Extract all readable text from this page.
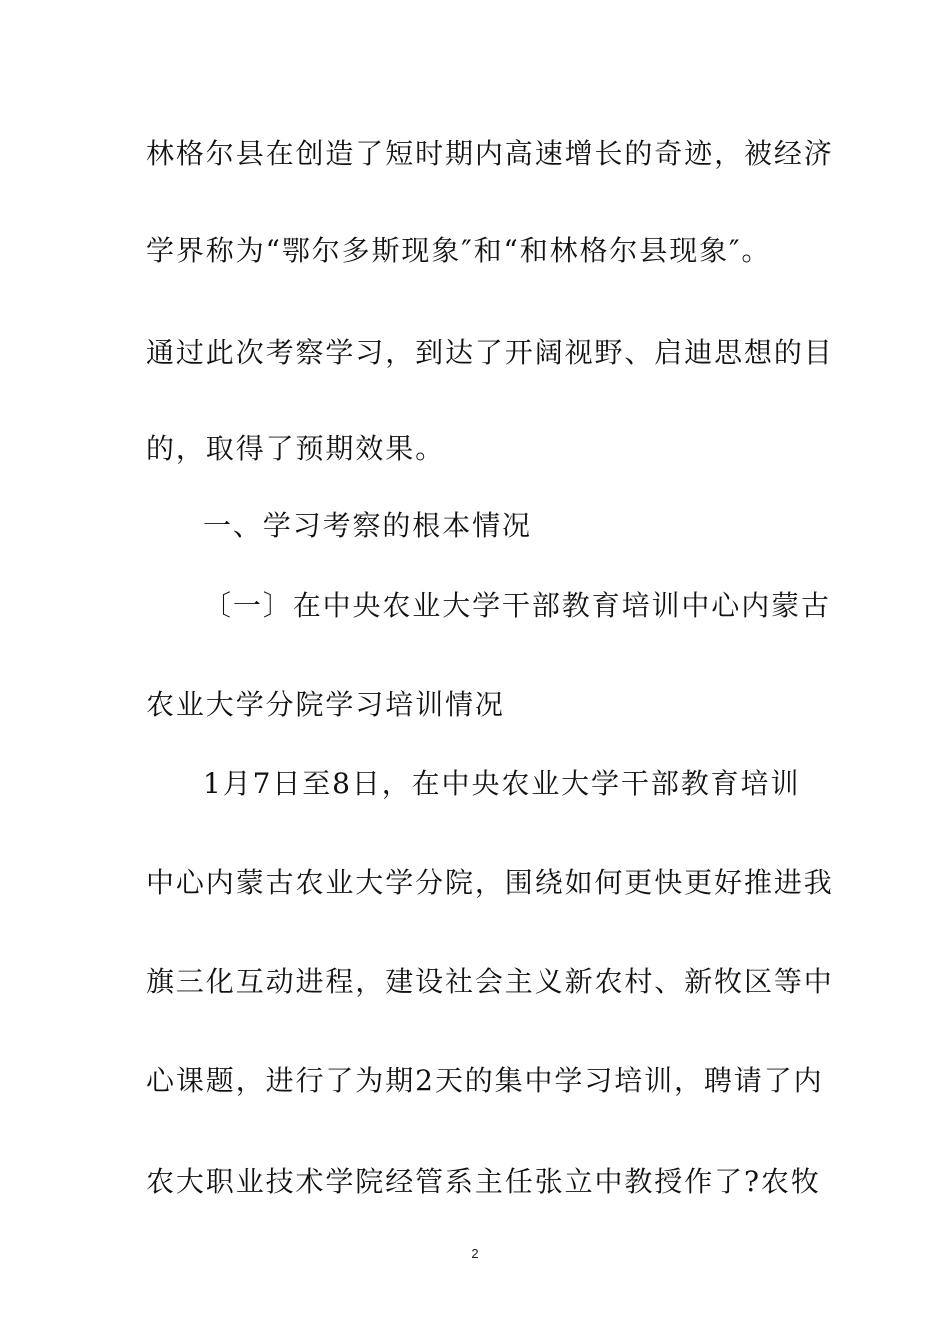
林格尔县在创造了短时期内高速增长的奇迹，被经济
学界称为“鄂尔多斯现象″和“和林格尔县现象″。
通过此次考察学习，到达了开阔视野、启迪思想的目
的，取得了预期效果。
一、学习考察的根本情况
〔一〕在中央农业大学干部教育培训中心内蒙古
农业大学分院学习培训情况
1月7日至8日，在中央农业大学干部教育培训
中心内蒙古农业大学分院，围绕如何更快更好推进我
旗三化互动进程，建设社会主义新农村、新牧区等中
心课题，进行了为期2天的集中学习培训，聘请了内
农大职业技术学院经管系主任张立中教授作了?农牧
2
